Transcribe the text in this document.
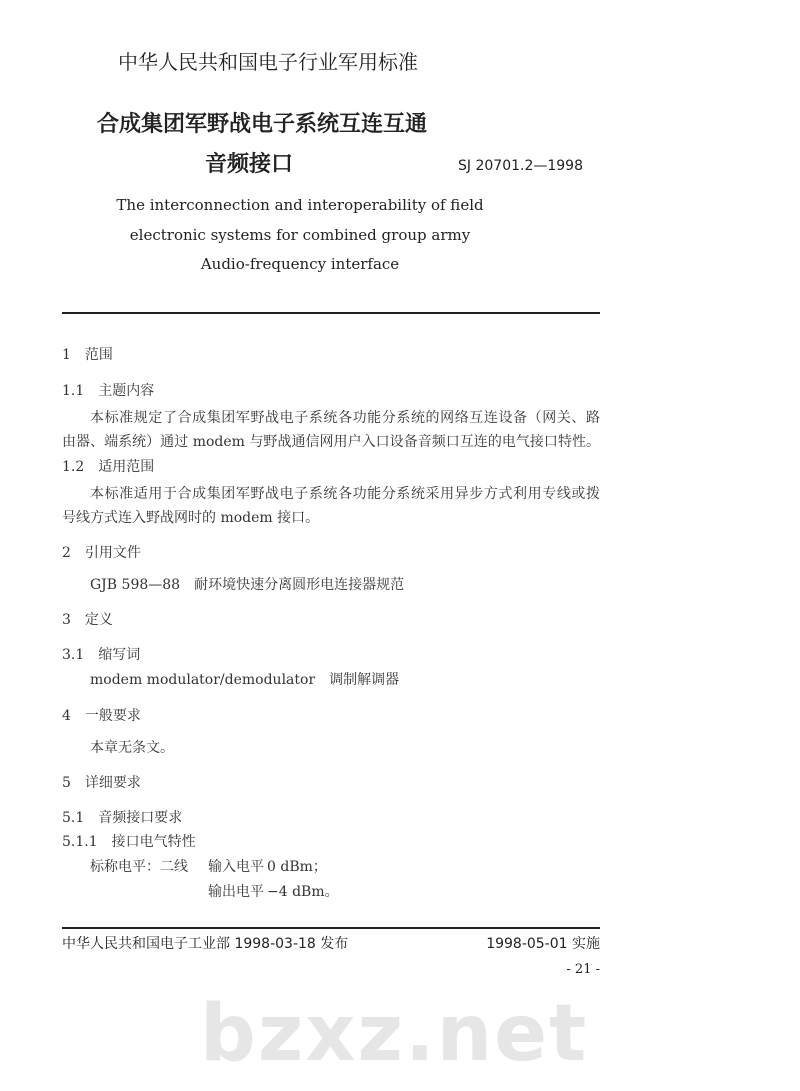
bzxz.net
中华人民共和国电子行业军用标准
合成集团军野战电子系统互连互通
音频接口	SJ 20701.2—1998
The interconnection and interoperability of field
electronic systems for combined group army
Audio-frequency interface
1  范围
1.1  主题内容
本标准规定了合成集团军野战电子系统各功能分系统的网络互连设备（网关、路
由器、端系统）通过 modem 与野战通信网用户入口设备音频口互连的电气接口特性。
1.2  适用范围
本标准适用于合成集团军野战电子系统各功能分系统采用异步方式利用专线或拨
号线方式连入野战网时的 modem 接口。
2  引用文件
GJB 598—88　耐环境快速分离圆形电连接器规范
3  定义
3.1  缩写词
modem modulator/demodulator  调制解调器
4  一般要求
本章无条文。
5  详细要求
5.1  音频接口要求
5.1.1  接口电气特性
标称电平：二线 输入电平 0 dBm；
输出电平 −4 dBm。
中华人民共和国电子工业部 1998-03-18 发布	1998-05-01 实施
- 21 -
